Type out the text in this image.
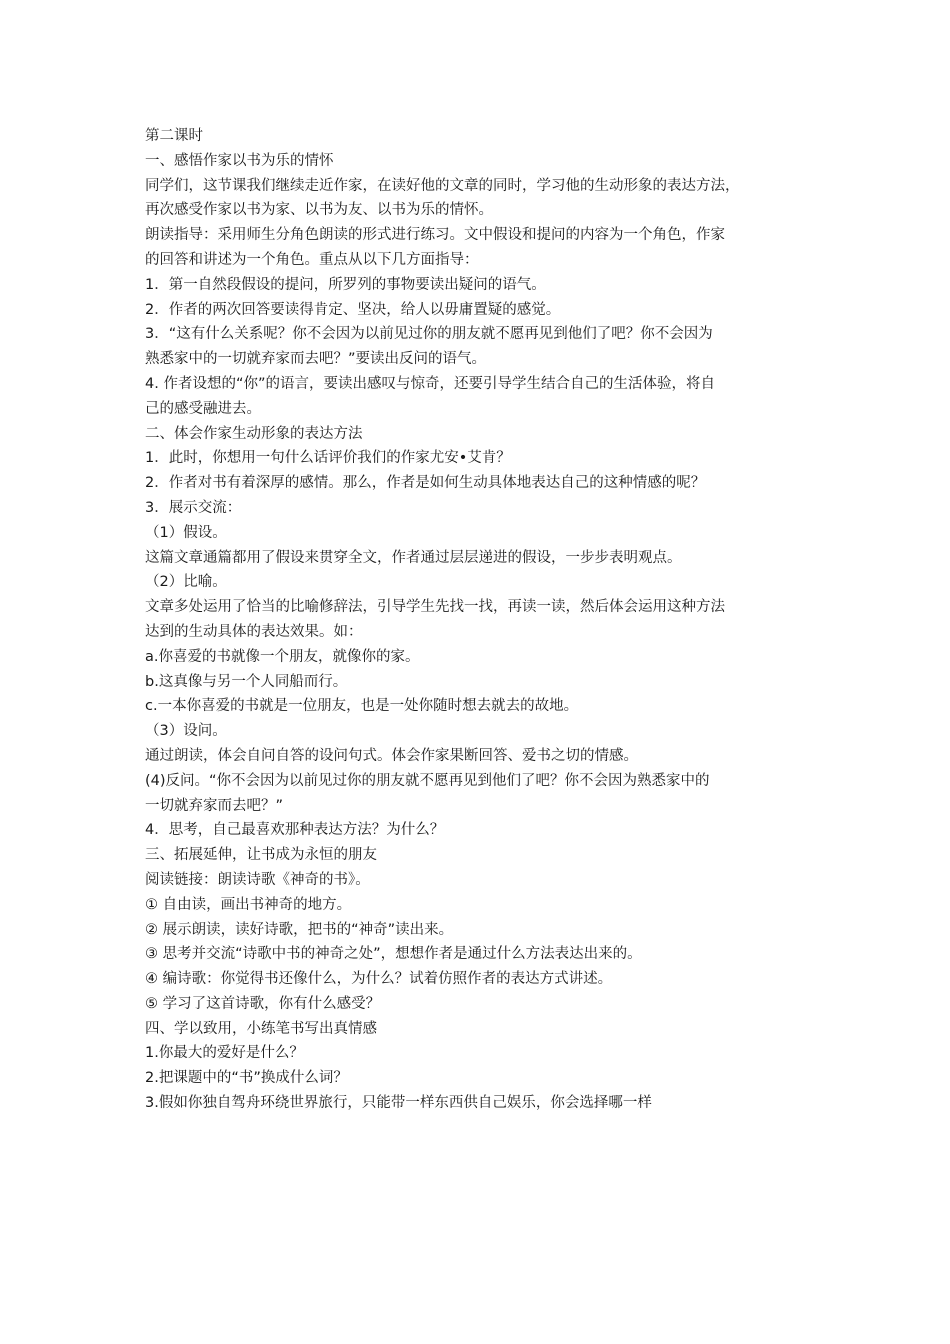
第二课时
一、感悟作家以书为乐的情怀
同学们，这节课我们继续走近作家，在读好他的文章的同时，学习他的生动形象的表达方法，
再次感受作家以书为家、以书为友、以书为乐的情怀。
朗读指导：采用师生分角色朗读的形式进行练习。文中假设和提问的内容为一个角色，作家
的回答和讲述为一个角色。重点从以下几方面指导：
1．第一自然段假设的提问，所罗列的事物要读出疑问的语气。
2．作者的两次回答要读得肯定、坚决，给人以毋庸置疑的感觉。
3．“这有什么关系呢？你不会因为以前见过你的朋友就不愿再见到他们了吧？你不会因为
熟悉家中的一切就弃家而去吧？”要读出反问的语气。
4. 作者设想的“你”的语言，要读出感叹与惊奇，还要引导学生结合自己的生活体验，将自
己的感受融进去。
二、体会作家生动形象的表达方法
1．此时，你想用一句什么话评价我们的作家尤安•艾肯？
2．作者对书有着深厚的感情。那么，作者是如何生动具体地表达自己的这种情感的呢？
3．展示交流：
（1）假设。
这篇文章通篇都用了假设来贯穿全文，作者通过层层递进的假设，一步步表明观点。
（2）比喻。
文章多处运用了恰当的比喻修辞法，引导学生先找一找，再读一读，然后体会运用这种方法
达到的生动具体的表达效果。如：
a.你喜爱的书就像一个朋友，就像你的家。
b.这真像与另一个人同船而行。
c.一本你喜爱的书就是一位朋友，也是一处你随时想去就去的故地。
（3）设问。
通过朗读，体会自问自答的设问句式。体会作家果断回答、爱书之切的情感。
(4)反问。“你不会因为以前见过你的朋友就不愿再见到他们了吧？你不会因为熟悉家中的
一切就弃家而去吧？”
4．思考，自己最喜欢那种表达方法？为什么？
三、拓展延伸，让书成为永恒的朋友
阅读链接：朗读诗歌《神奇的书》。
① 自由读，画出书神奇的地方。
② 展示朗读，读好诗歌，把书的“神奇”读出来。
③ 思考并交流“诗歌中书的神奇之处”，想想作者是通过什么方法表达出来的。
④ 编诗歌：你觉得书还像什么，为什么？试着仿照作者的表达方式讲述。
⑤ 学习了这首诗歌，你有什么感受？
四、学以致用，小练笔书写出真情感
1.你最大的爱好是什么？
2.把课题中的“书”换成什么词？
3.假如你独自驾舟环绕世界旅行，只能带一样东西供自己娱乐，你会选择哪一样
